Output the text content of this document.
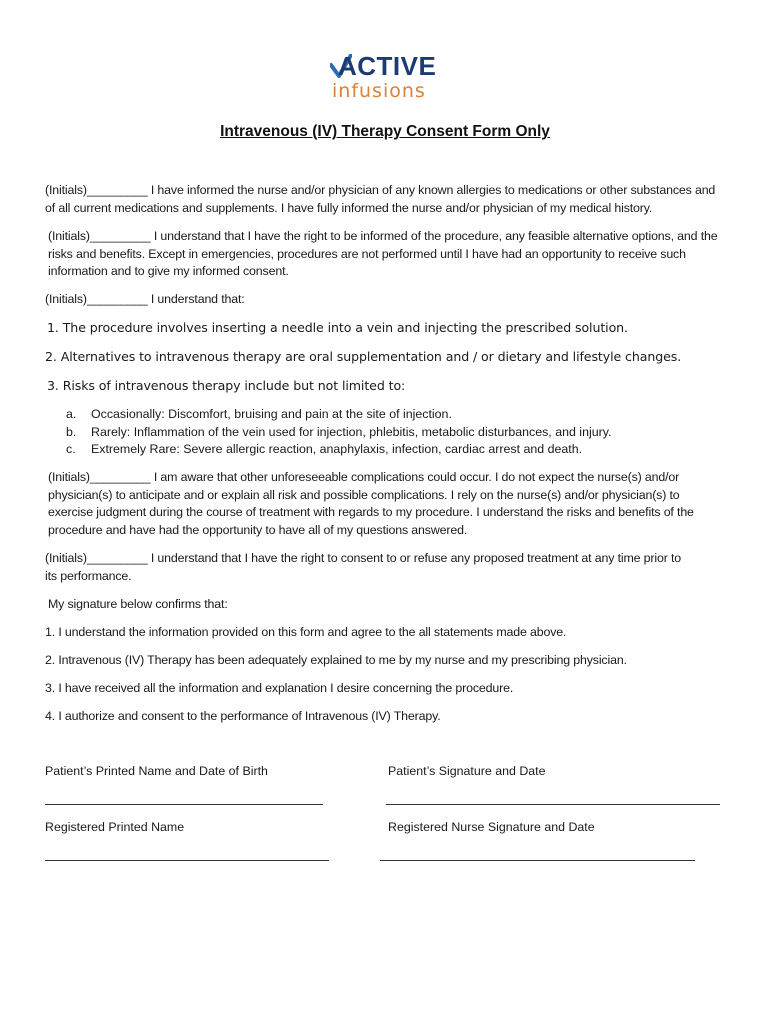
ACTIVE
infusions
Intravenous (IV) Therapy Consent Form Only
(Initials)_________ I have informed the nurse and/or physician of any known allergies to medications or other substances and of all current medications and supplements. I have fully informed the nurse and/or physician of my medical history.
(Initials)_________ I understand that I have the right to be informed of the procedure, any feasible alternative options, and the risks and benefits. Except in emergencies, procedures are not performed until I have had an opportunity to receive such information and to give my informed consent.
(Initials)_________ I understand that:
1. The procedure involves inserting a needle into a vein and injecting the prescribed solution.
2. Alternatives to intravenous therapy are oral supplementation and / or dietary and lifestyle changes.
3. Risks of intravenous therapy include but not limited to:
a.	Occasionally: Discomfort, bruising and pain at the site of injection.
b.	Rarely: Inflammation of the vein used for injection, phlebitis, metabolic disturbances, and injury.
c.	Extremely Rare: Severe allergic reaction, anaphylaxis, infection, cardiac arrest and death.
(Initials)_________ I am aware that other unforeseeable complications could occur. I do not expect the nurse(s) and/or physician(s) to anticipate and or explain all risk and possible complications. I rely on the nurse(s) and/or physician(s) to exercise judgment during the course of treatment with regards to my procedure. I understand the risks and benefits of the procedure and have had the opportunity to have all of my questions answered.
(Initials)_________ I understand that I have the right to consent to or refuse any proposed treatment at any time prior to its performance.
My signature below confirms that:
1. I understand the information provided on this form and agree to the all statements made above.
2. Intravenous (IV) Therapy has been adequately explained to me by my nurse and my prescribing physician.
3. I have received all the information and explanation I desire concerning the procedure.
4. I authorize and consent to the performance of Intravenous (IV) Therapy.
Patient’s Printed Name and Date of Birth	Patient’s Signature and Date
Registered Printed Name	Registered Nurse Signature and Date
